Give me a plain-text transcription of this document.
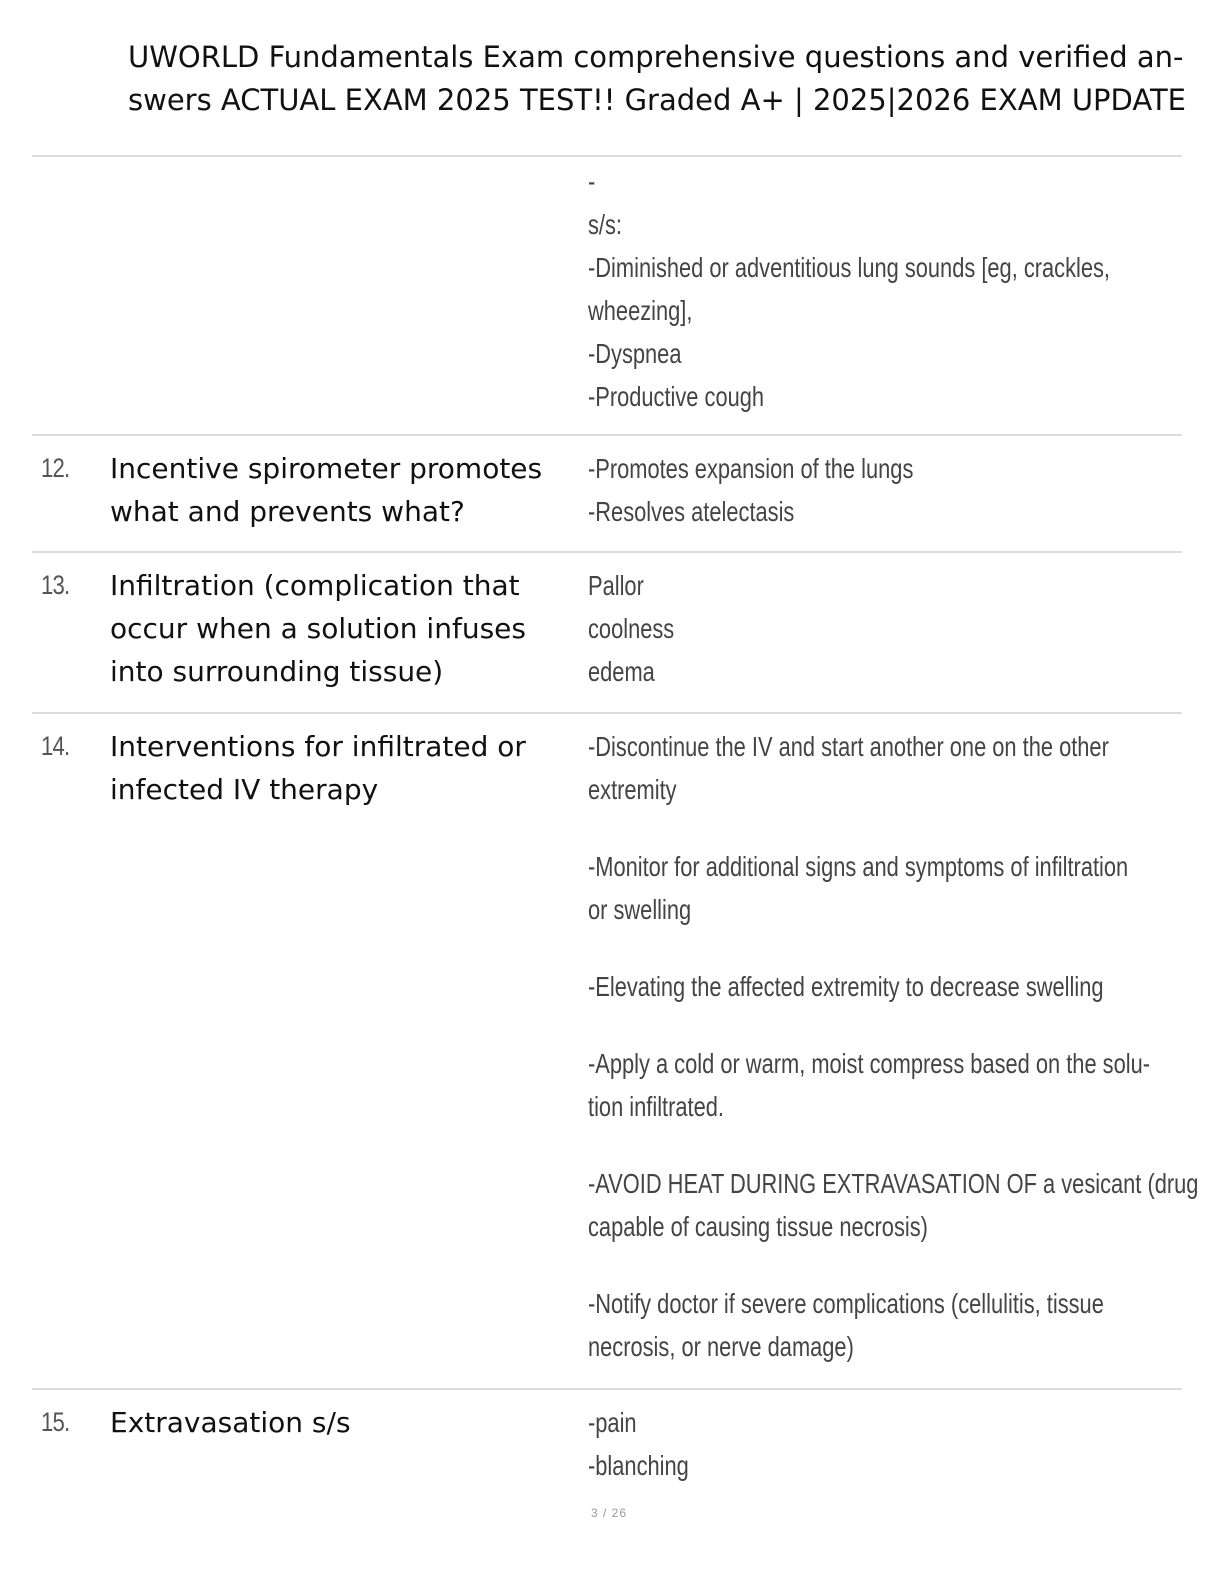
UWORLD Fundamentals Exam comprehensive questions and verified an-
swers ACTUAL EXAM 2025 TEST!! Graded A+ | 2025|2026 EXAM UPDATE
-
s/s:
-Diminished or adventitious lung sounds [eg, crackles,
wheezing],
-Dyspnea
-Productive cough
12. Incentive spirometer promotes
what and prevents what?
-Promotes expansion of the lungs
-Resolves atelectasis
13. Infiltration (complication that
occur when a solution infuses
into surrounding tissue)
Pallor
coolness
edema
14. Interventions for infiltrated or
infected IV therapy
-Discontinue the IV and start another one on the other
extremity
-Monitor for additional signs and symptoms of infiltration
or swelling
-Elevating the affected extremity to decrease swelling
-Apply a cold or warm, moist compress based on the solu-
tion infiltrated.
-AVOID HEAT DURING EXTRAVASATION OF a vesicant (drug
capable of causing tissue necrosis)
-Notify doctor if severe complications (cellulitis, tissue
necrosis, or nerve damage)
15. Extravasation s/s	-pain
-blanching
3 / 26
